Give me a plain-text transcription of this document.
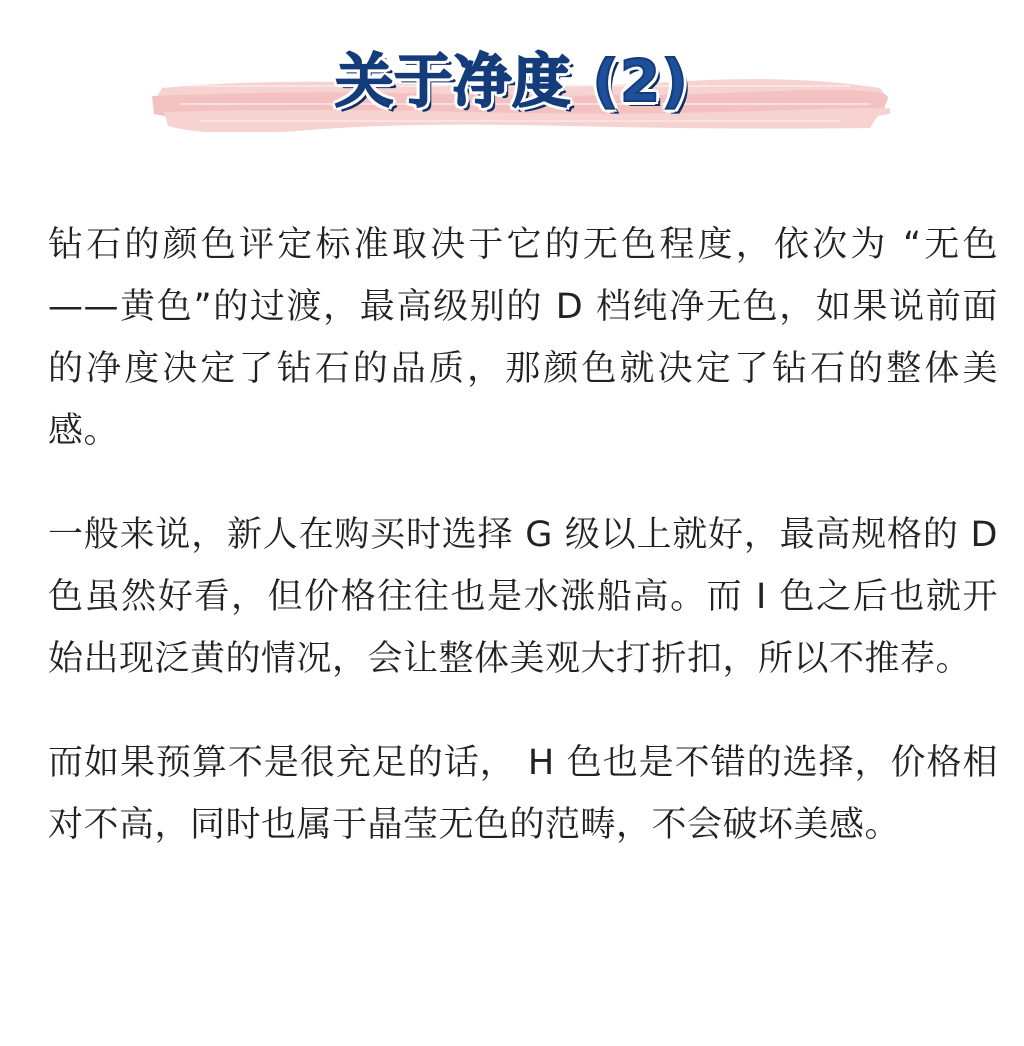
关于净度 (2)

钻石的颜色评定标准取决于它的无色程度，依次为 “无色——黄色”的过渡，最高级别的 D 档纯净无色，如果说前面的净度决定了钻石的品质，那颜色就决定了钻石的整体美感。

一般来说，新人在购买时选择 G 级以上就好，最高规格的 D 色虽然好看，但价格往往也是水涨船高。而 I 色之后也就开始出现泛黄的情况，会让整体美观大打折扣，所以不推荐。

而如果预算不是很充足的话， H 色也是不错的选择，价格相对不高，同时也属于晶莹无色的范畴，不会破坏美感。
